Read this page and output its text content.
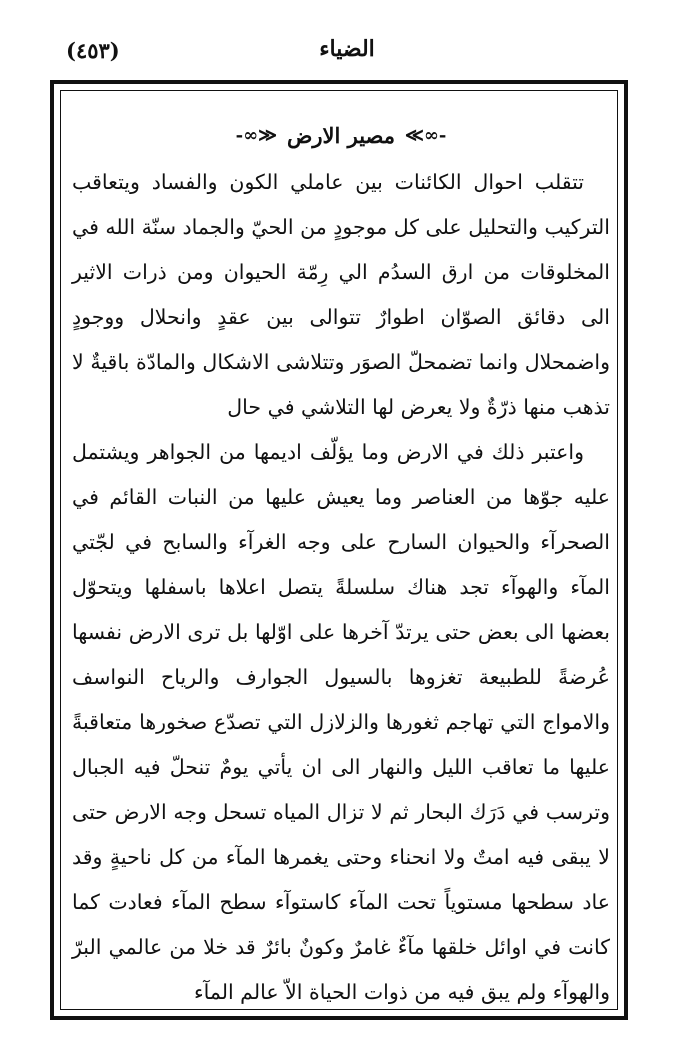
(٤٥٣)	الضياء
-∞≫ مصير الارض ≪∞-

تتقلب احوال الكائنات بين عاملي الكون والفساد ويتعاقب التركيب والتحليل على كل موجودٍ من الحيّ والجماد سنّة الله في المخلوقات من ارق السدُم الي رِمّة الحيوان ومن ذرات الاثير الى دقائق الصوّان اطوارٌ تتوالى بين عقدٍ وانحلال ووجودٍ واضمحلال وانما تضمحلّ الصوَر وتتلاشى الاشكال والمادّة باقيةٌ لا تذهب منها ذرّةٌ ولا يعرض لها التلاشي في حال

واعتبر ذلك في الارض وما يؤلّف اديمها من الجواهر ويشتمل عليه جوّها من العناصر وما يعيش عليها من النبات القائم في الصحرآء والحيوان السارح على وجه الغرآء والسابح في لجّتي المآء والهوآء تجد هناك سلسلةً يتصل اعلاها باسفلها ويتحوّل بعضها الى بعض حتى يرتدّ آخرها على اوّلها بل ترى الارض نفسها عُرضةً للطبيعة تغزوها بالسيول الجوارف والرياح النواسف والامواج التي تهاجم ثغورها والزلازل التي تصدّع صخورها متعاقبةً عليها ما تعاقب الليل والنهار الى ان يأتي يومٌ تنحلّ فيه الجبال وترسب في دَرَك البحار ثم لا تزال المياه تسحل وجه الارض حتى لا يبقى فيه امتٌ ولا انحناء وحتى يغمرها المآء من كل ناحيةٍ وقد عاد سطحها مستوياً تحت المآء كاستوآء سطح المآء فعادت كما كانت في اوائل خلقها مآءٌ غامرٌ وكونٌ بائرٌ قد خلا من عالمي البرّ والهوآء ولم يبق فيه من ذوات الحياة الاّ عالم المآء
